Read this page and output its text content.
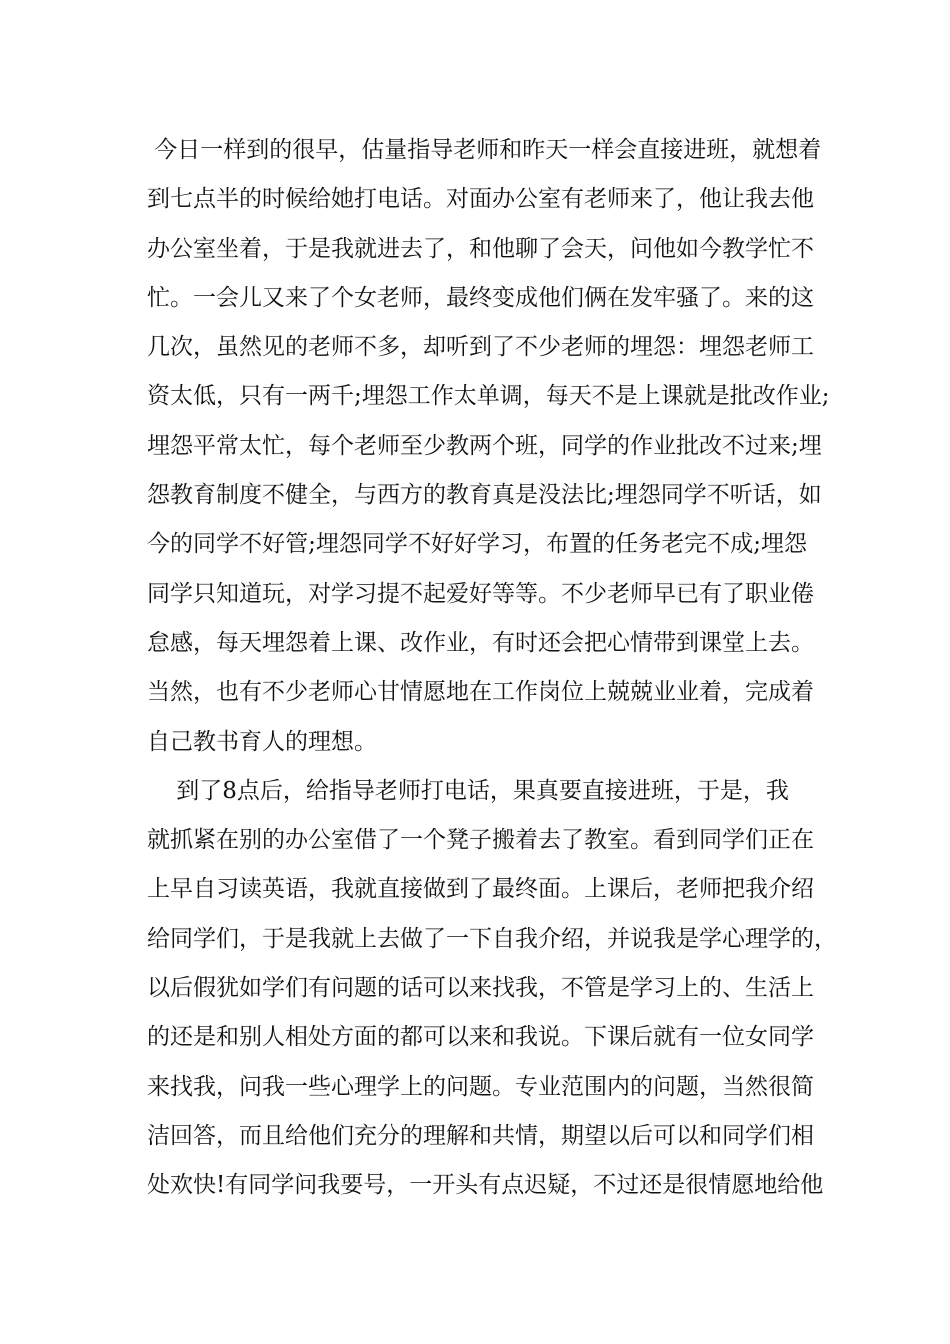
今日一样到的很早，估量指导老师和昨天一样会直接进班，就想着
到七点半的时候给她打电话。对面办公室有老师来了，他让我去他
办公室坐着，于是我就进去了，和他聊了会天，问他如今教学忙不
忙。一会儿又来了个女老师，最终变成他们俩在发牢骚了。来的这
几次，虽然见的老师不多，却听到了不少老师的埋怨：埋怨老师工
资太低，只有一两千;埋怨工作太单调，每天不是上课就是批改作业;
埋怨平常太忙，每个老师至少教两个班，同学的作业批改不过来;埋
怨教育制度不健全，与西方的教育真是没法比;埋怨同学不听话，如
今的同学不好管;埋怨同学不好好学习，布置的任务老完不成;埋怨
同学只知道玩，对学习提不起爱好等等。不少老师早已有了职业倦
怠感，每天埋怨着上课、改作业，有时还会把心情带到课堂上去。
当然，也有不少老师心甘情愿地在工作岗位上兢兢业业着，完成着
自己教书育人的理想。
到了8点后，给指导老师打电话，果真要直接进班，于是，我
就抓紧在别的办公室借了一个凳子搬着去了教室。看到同学们正在
上早自习读英语，我就直接做到了最终面。上课后，老师把我介绍
给同学们，于是我就上去做了一下自我介绍，并说我是学心理学的，
以后假犹如学们有问题的话可以来找我，不管是学习上的、生活上
的还是和别人相处方面的都可以来和我说。下课后就有一位女同学
来找我，问我一些心理学上的问题。专业范围内的问题，当然很简
洁回答，而且给他们充分的理解和共情，期望以后可以和同学们相
处欢快!有同学问我要号，一开头有点迟疑，不过还是很情愿地给他
